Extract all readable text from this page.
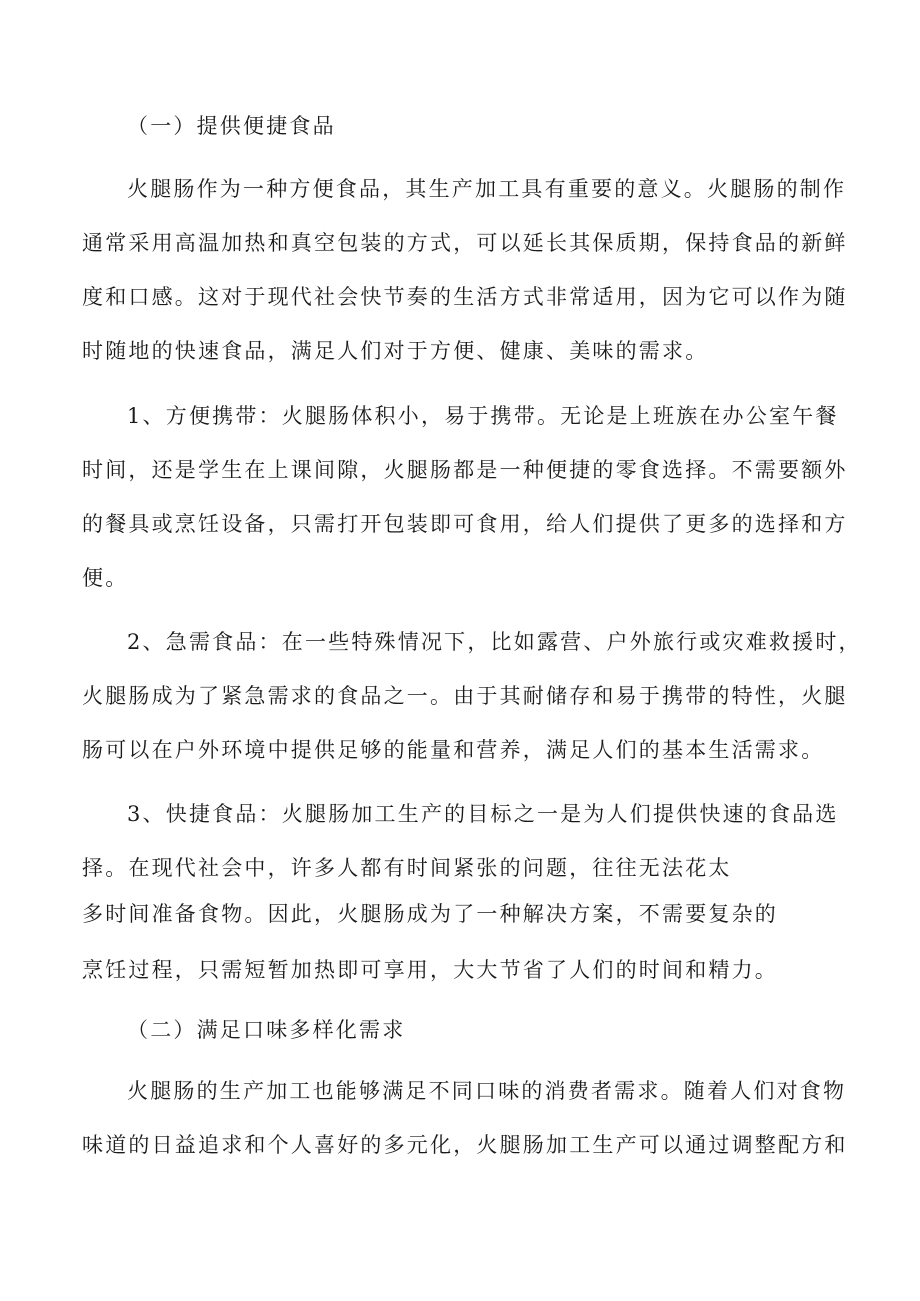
（一）提供便捷食品
火腿肠作为一种方便食品，其生产加工具有重要的意义。火腿肠的制作
通常采用高温加热和真空包装的方式，可以延长其保质期，保持食品的新鲜
度和口感。这对于现代社会快节奏的生活方式非常适用，因为它可以作为随
时随地的快速食品，满足人们对于方便、健康、美味的需求。
1、方便携带：火腿肠体积小，易于携带。无论是上班族在办公室午餐
时间，还是学生在上课间隙，火腿肠都是一种便捷的零食选择。不需要额外
的餐具或烹饪设备，只需打开包装即可食用，给人们提供了更多的选择和方
便。
2、急需食品：在一些特殊情况下，比如露营、户外旅行或灾难救援时，
火腿肠成为了紧急需求的食品之一。由于其耐储存和易于携带的特性，火腿
肠可以在户外环境中提供足够的能量和营养，满足人们的基本生活需求。
3、快捷食品：火腿肠加工生产的目标之一是为人们提供快速的食品选
择。在现代社会中，许多人都有时间紧张的问题，往往无法花太
多时间准备食物。因此，火腿肠成为了一种解决方案，不需要复杂的
烹饪过程，只需短暂加热即可享用，大大节省了人们的时间和精力。
（二）满足口味多样化需求
火腿肠的生产加工也能够满足不同口味的消费者需求。随着人们对食物
味道的日益追求和个人喜好的多元化，火腿肠加工生产可以通过调整配方和
